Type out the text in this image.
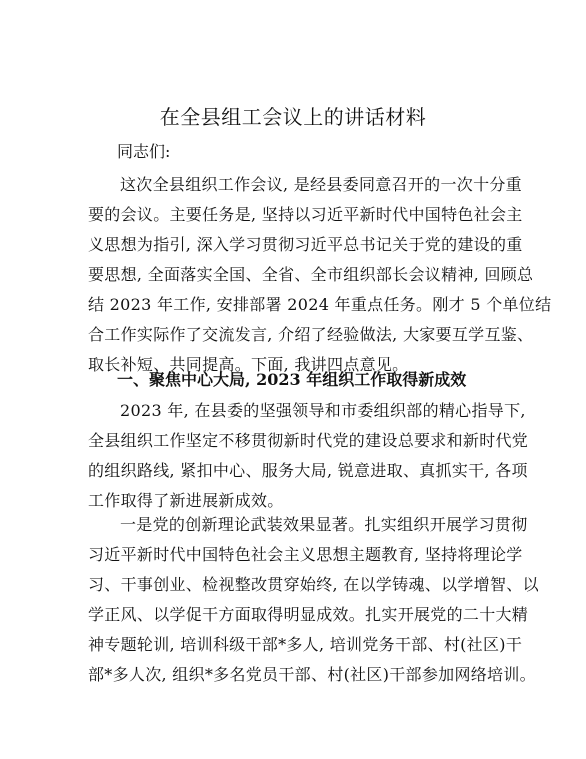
在全县组工会议上的讲话材料

同志们:

这次全县组织工作会议, 是经县委同意召开的一次十分重
要的会议。主要任务是, 坚持以习近平新时代中国特色社会主
义思想为指引, 深入学习贯彻习近平总书记关于党的建设的重
要思想, 全面落实全国、全省、全市组织部长会议精神, 回顾总
结 2023 年工作, 安排部署 2024 年重点任务。刚才 5 个单位结
合工作实际作了交流发言, 介绍了经验做法, 大家要互学互鉴、
取长补短、共同提高。下面, 我讲四点意见。

一、聚焦中心大局, 2023 年组织工作取得新成效

2023 年, 在县委的坚强领导和市委组织部的精心指导下,
全县组织工作坚定不移贯彻新时代党的建设总要求和新时代党
的组织路线, 紧扣中心、服务大局, 锐意进取、真抓实干, 各项
工作取得了新进展新成效。
一是党的创新理论武装效果显著。扎实组织开展学习贯彻
习近平新时代中国特色社会主义思想主题教育, 坚持将理论学
习、干事创业、检视整改贯穿始终, 在以学铸魂、以学增智、以
学正风、以学促干方面取得明显成效。扎实开展党的二十大精
神专题轮训, 培训科级干部*多人, 培训党务干部、村(社区)干
部*多人次, 组织*多名党员干部、村(社区)干部参加网络培训。
